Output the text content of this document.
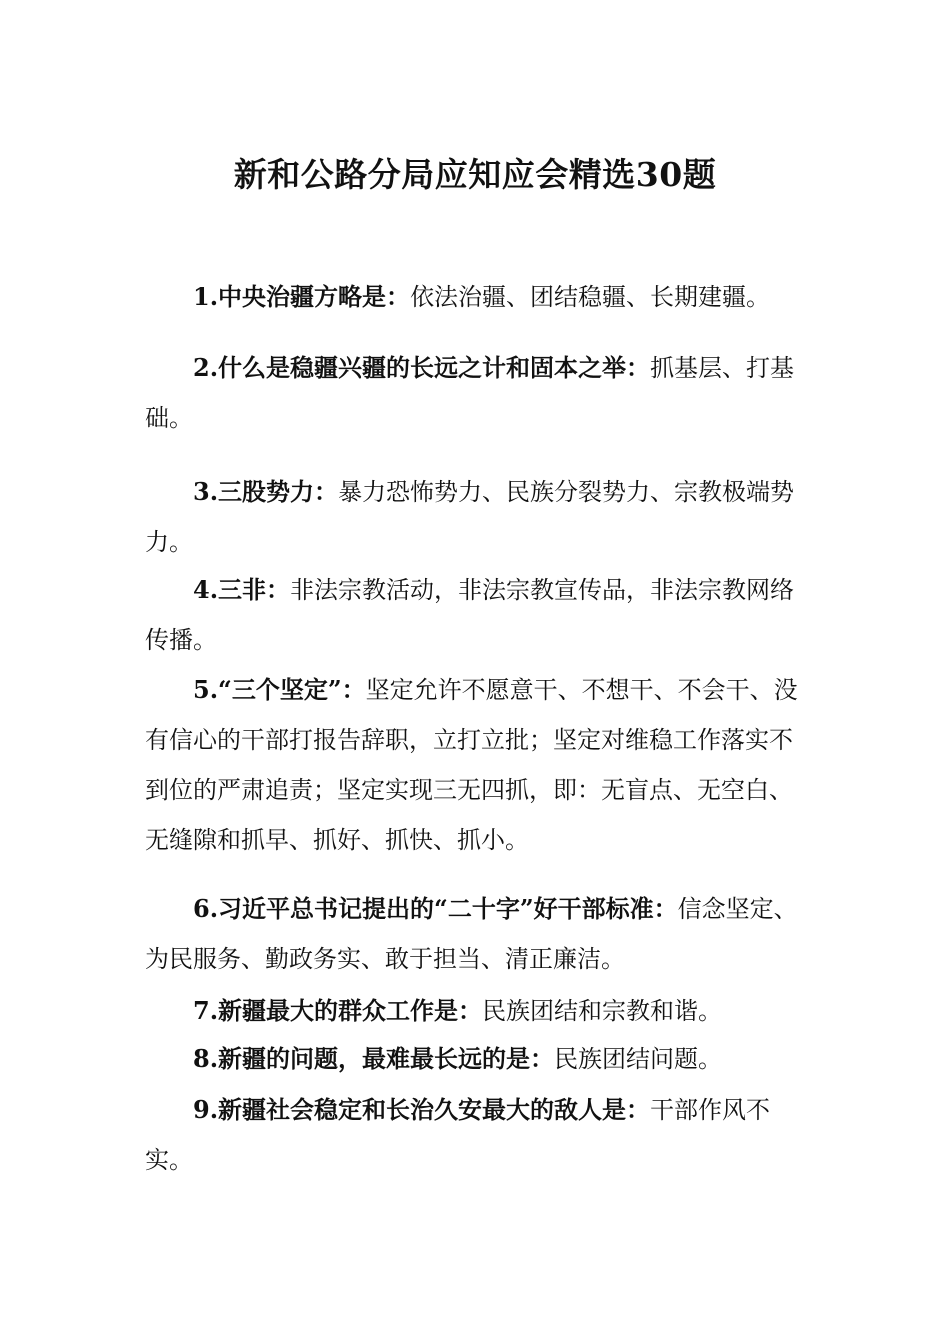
新和公路分局应知应会精选30题

1.中央治疆方略是：依法治疆、团结稳疆、长期建疆。

2.什么是稳疆兴疆的长远之计和固本之举：抓基层、打基础。

3.三股势力：暴力恐怖势力、民族分裂势力、宗教极端势力。

4.三非：非法宗教活动，非法宗教宣传品，非法宗教网络传播。

5.“三个坚定”：坚定允许不愿意干、不想干、不会干、没有信心的干部打报告辞职，立打立批；坚定对维稳工作落实不到位的严肃追责；坚定实现三无四抓，即：无盲点、无空白、无缝隙和抓早、抓好、抓快、抓小。

6.习近平总书记提出的“二十字”好干部标准：信念坚定、为民服务、勤政务实、敢于担当、清正廉洁。

7.新疆最大的群众工作是：民族团结和宗教和谐。

8.新疆的问题，最难最长远的是：民族团结问题。

9.新疆社会稳定和长治久安最大的敌人是：干部作风不实。
